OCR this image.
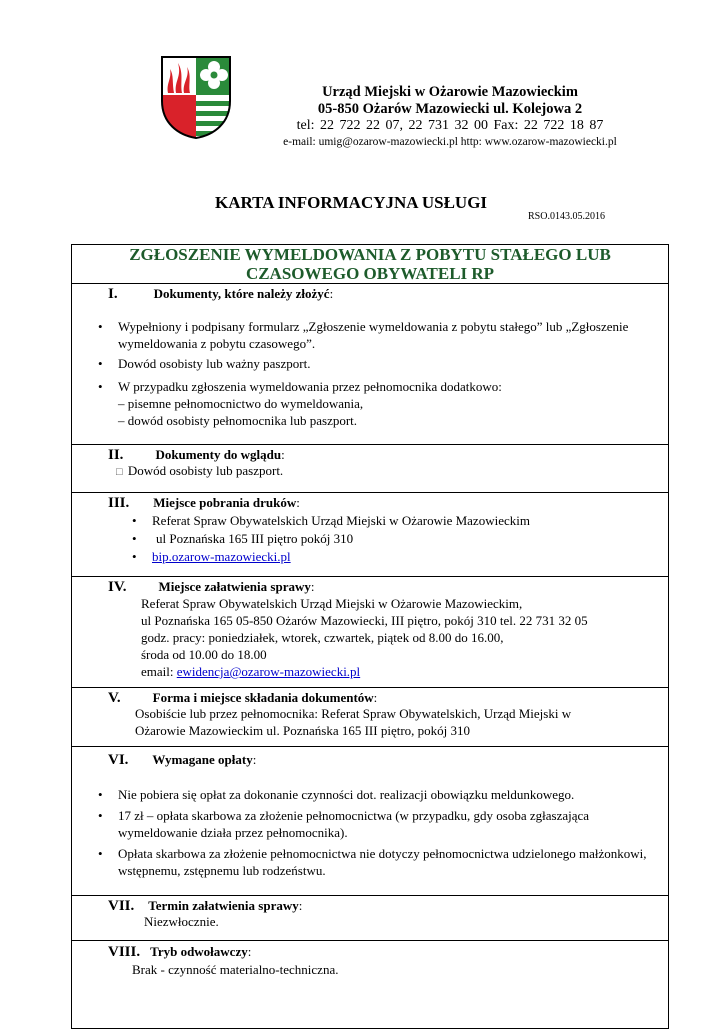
Urząd Miejski w Ożarowie Mazowieckim
05-850 Ożarów Mazowiecki ul. Kolejowa 2
tel: 22 722 22 07, 22 731 32 00 Fax: 22 722 18 87
e-mail: umig@ozarow-mazowiecki.pl http: www.ozarow-mazowiecki.pl
KARTA INFORMACYJNA USŁUGI
RSO.0143.05.2016
ZGŁOSZENIE WYMELDOWANIA Z POBYTU STAŁEGO LUB
CZASOWEGO OBYWATELI RP
I.	Dokumenty, które należy złożyć:
• Wypełniony i podpisany formularz „Zgłoszenie wymeldowania z pobytu stałego” lub „Zgłoszenie
wymeldowania z pobytu czasowego”.
• Dowód osobisty lub ważny paszport.
• W przypadku zgłoszenia wymeldowania przez pełnomocnika dodatkowo:
– pisemne pełnomocnictwo do wymeldowania,
– dowód osobisty pełnomocnika lub paszport.
II. Dokumenty do wglądu:
□ Dowód osobisty lub paszport.
III. Miejsce pobrania druków:
• Referat Spraw Obywatelskich Urząd Miejski w Ożarowie Mazowieckim
•	ul Poznańska 165 III piętro pokój 310
• bip.ozarow-mazowiecki.pl
IV. Miejsce załatwienia sprawy:
Referat Spraw Obywatelskich Urząd Miejski w Ożarowie Mazowieckim,
ul Poznańska 165 05-850 Ożarów Mazowiecki, III piętro, pokój 310 tel. 22 731 32 05
godz. pracy: poniedziałek, wtorek, czwartek, piątek od 8.00 do 16.00,
środa od 10.00 do 18.00
email: ewidencja@ozarow-mazowiecki.pl
V. Forma i miejsce składania dokumentów:
Osobiście lub przez pełnomocnika: Referat Spraw Obywatelskich, Urząd Miejski w
Ożarowie Mazowieckim ul. Poznańska 165 III piętro, pokój 310
VI. Wymagane opłaty:
• Nie pobiera się opłat za dokonanie czynności dot. realizacji obowiązku meldunkowego.
• 17 zł – opłata skarbowa za złożenie pełnomocnictwa (w przypadku, gdy osoba zgłaszająca
wymeldowanie działa przez pełnomocnika).
• Opłata skarbowa za złożenie pełnomocnictwa nie dotyczy pełnomocnictwa udzielonego małżonkowi,
wstępnemu, zstępnemu lub rodzeństwu.
VII. Termin załatwienia sprawy:
Niezwłocznie.
VIII. Tryb odwoławczy:
Brak - czynność materialno-techniczna.
